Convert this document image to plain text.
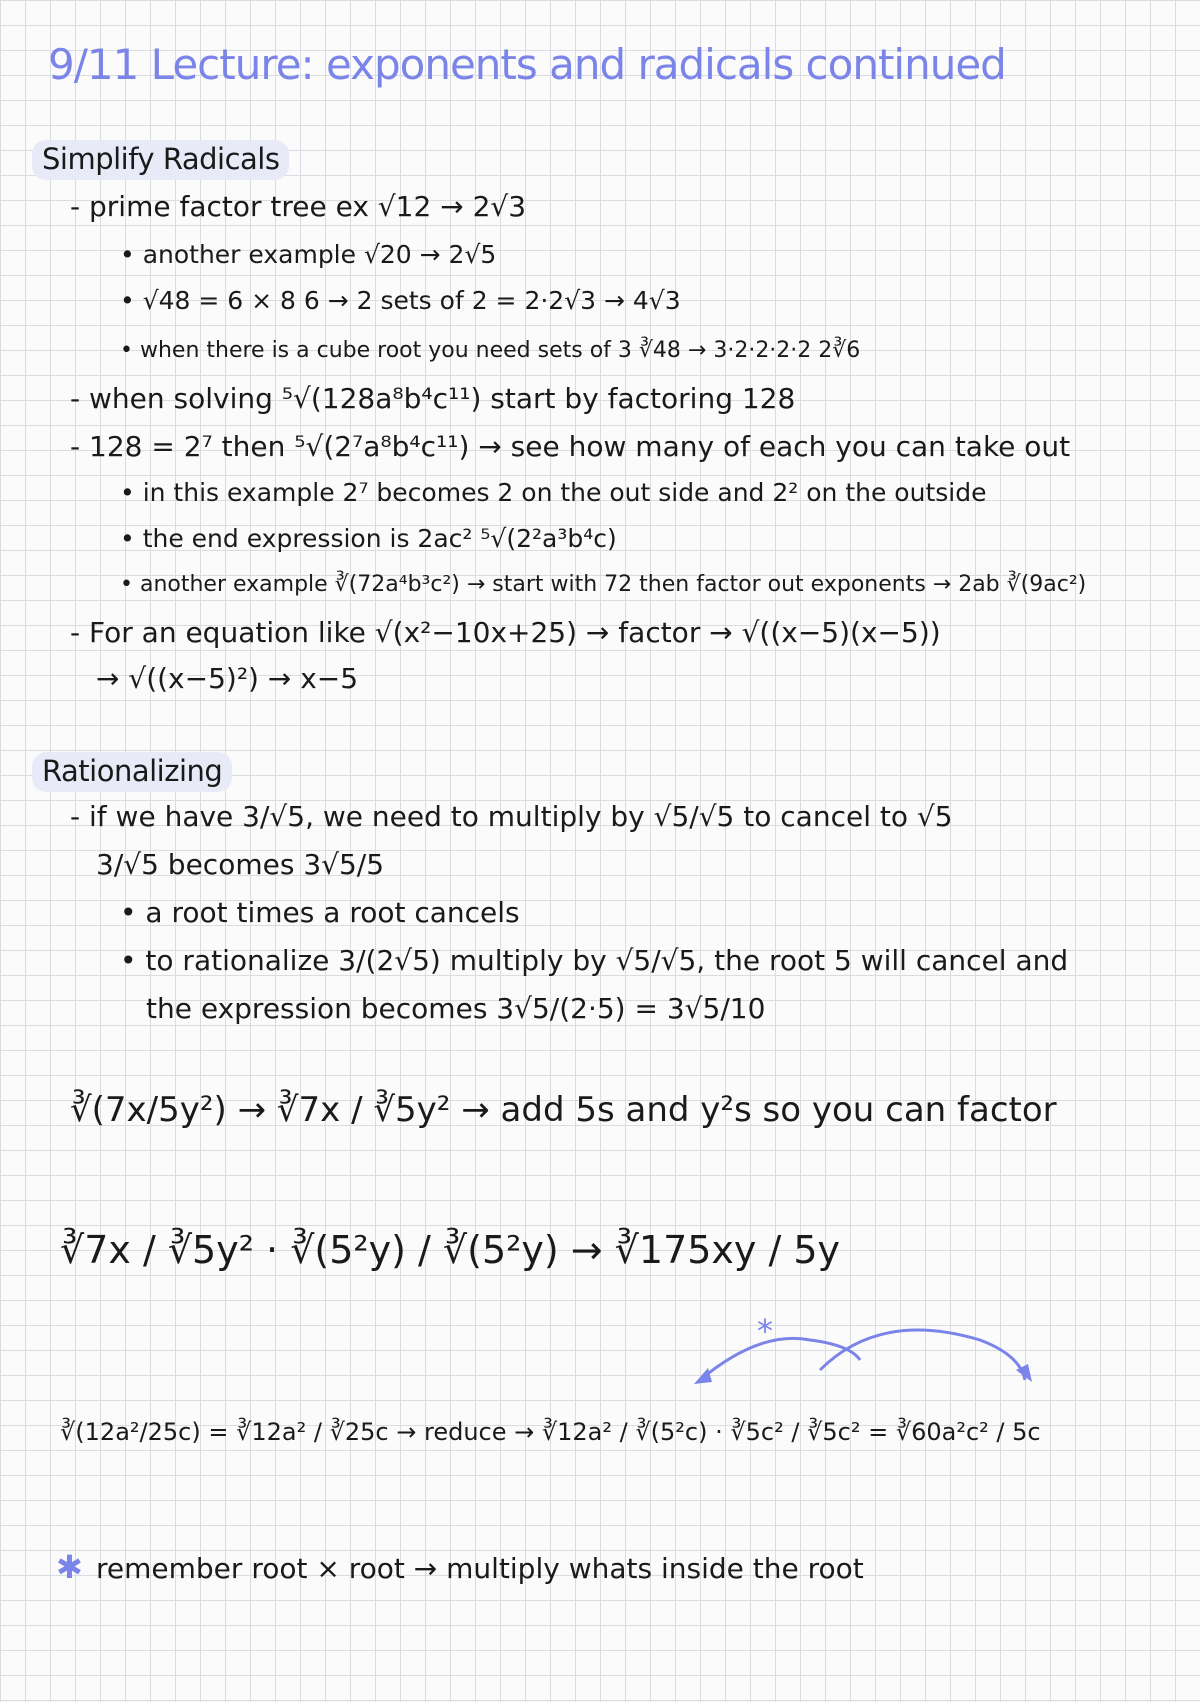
9/11 Lecture: exponents and radicals continued
Simplify Radicals
- prime factor tree ex √12 → 2√3
• another example √20 → 2√5
• √48 = 6 × 8 6 → 2 sets of 2 = 2·2√3 → 4√3
• when there is a cube root you need sets of 3 ∛48 → 3·2·2·2·2 2∛6
- when solving ⁵√(128a⁸b⁴c¹¹) start by factoring 128
- 128 = 2⁷ then ⁵√(2⁷a⁸b⁴c¹¹) → see how many of each you can take out
• in this example 2⁷ becomes 2 on the out side and 2² on the outside
• the end expression is 2ac² ⁵√(2²a³b⁴c)
• another example ∛(72a⁴b³c²) → start with 72 then factor out exponents → 2ab ∛(9ac²)
- For an equation like √(x²−10x+25) → factor → √((x−5)(x−5))
→ √((x−5)²) → x−5
Rationalizing
- if we have 3/√5, we need to multiply by √5/√5 to cancel to √5
3/√5 becomes 3√5/5
• a root times a root cancels
• to rationalize 3/(2√5) multiply by √5/√5, the root 5 will cancel and
the expression becomes 3√5/(2·5) = 3√5/10
∛(7x/5y²) → ∛7x / ∛5y² → add 5s and y²s so you can factor
∛7x / ∛5y² · ∛(5²y) / ∛(5²y) → ∛175xy / 5y
*
∛(12a²/25c) = ∛12a² / ∛25c → reduce → ∛12a² / ∛(5²c) · ∛5c² / ∛5c² = ∛60a²c² / 5c
✱ remember root × root → multiply whats inside the root
